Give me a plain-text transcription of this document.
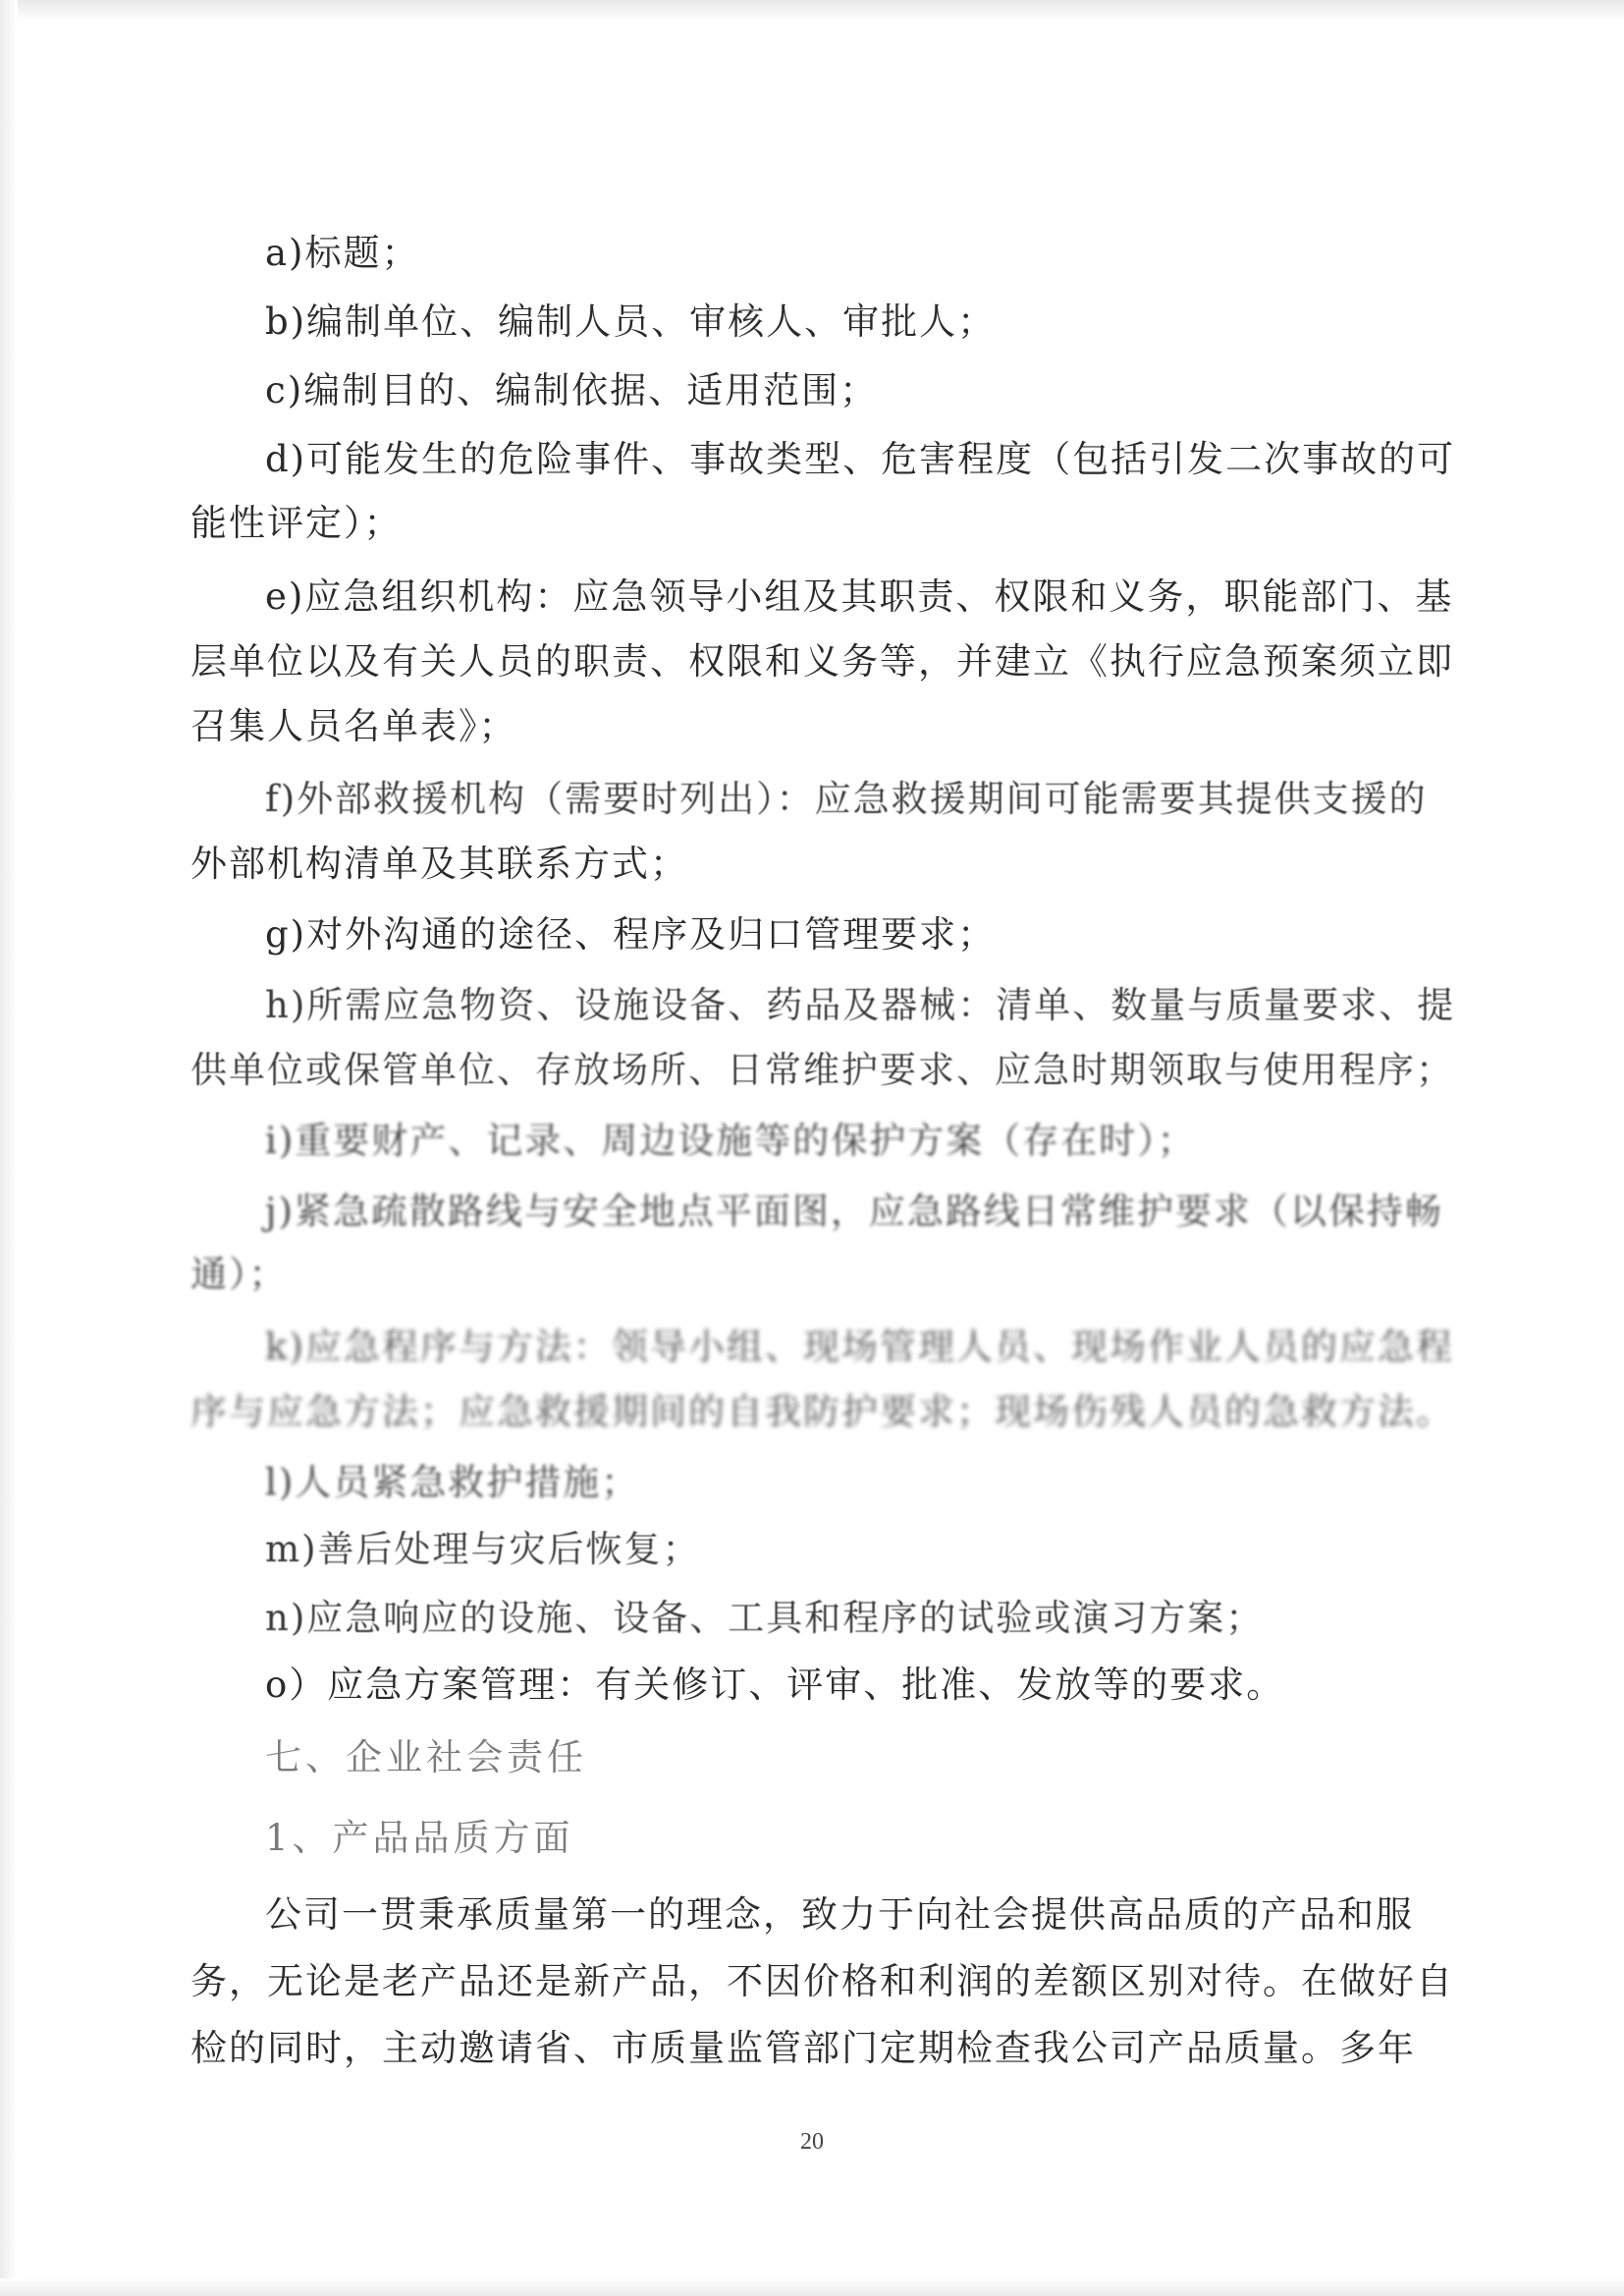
a)标题；
b)编制单位、编制人员、审核人、审批人；
c)编制目的、编制依据、适用范围；
d)可能发生的危险事件、事故类型、危害程度（包括引发二次事故的可
能性评定）；
e)应急组织机构：应急领导小组及其职责、权限和义务，职能部门、基
层单位以及有关人员的职责、权限和义务等，并建立《执行应急预案须立即
召集人员名单表》；
f)外部救援机构（需要时列出）：应急救援期间可能需要其提供支援的
外部机构清单及其联系方式；
g)对外沟通的途径、程序及归口管理要求；
h)所需应急物资、设施设备、药品及器械：清单、数量与质量要求、提
供单位或保管单位、存放场所、日常维护要求、应急时期领取与使用程序；
i)重要财产、记录、周边设施等的保护方案（存在时）；
j)紧急疏散路线与安全地点平面图，应急路线日常维护要求（以保持畅
通）；
k)应急程序与方法：领导小组、现场管理人员、现场作业人员的应急程
序与应急方法；应急救援期间的自我防护要求；现场伤残人员的急救方法。
l)人员紧急救护措施；
m)善后处理与灾后恢复；
n)应急响应的设施、设备、工具和程序的试验或演习方案；
o）应急方案管理：有关修订、评审、批准、发放等的要求。
七、企业社会责任
1、产品品质方面
公司一贯秉承质量第一的理念，致力于向社会提供高品质的产品和服
务，无论是老产品还是新产品，不因价格和利润的差额区别对待。在做好自
检的同时，主动邀请省、市质量监管部门定期检查我公司产品质量。多年
20
